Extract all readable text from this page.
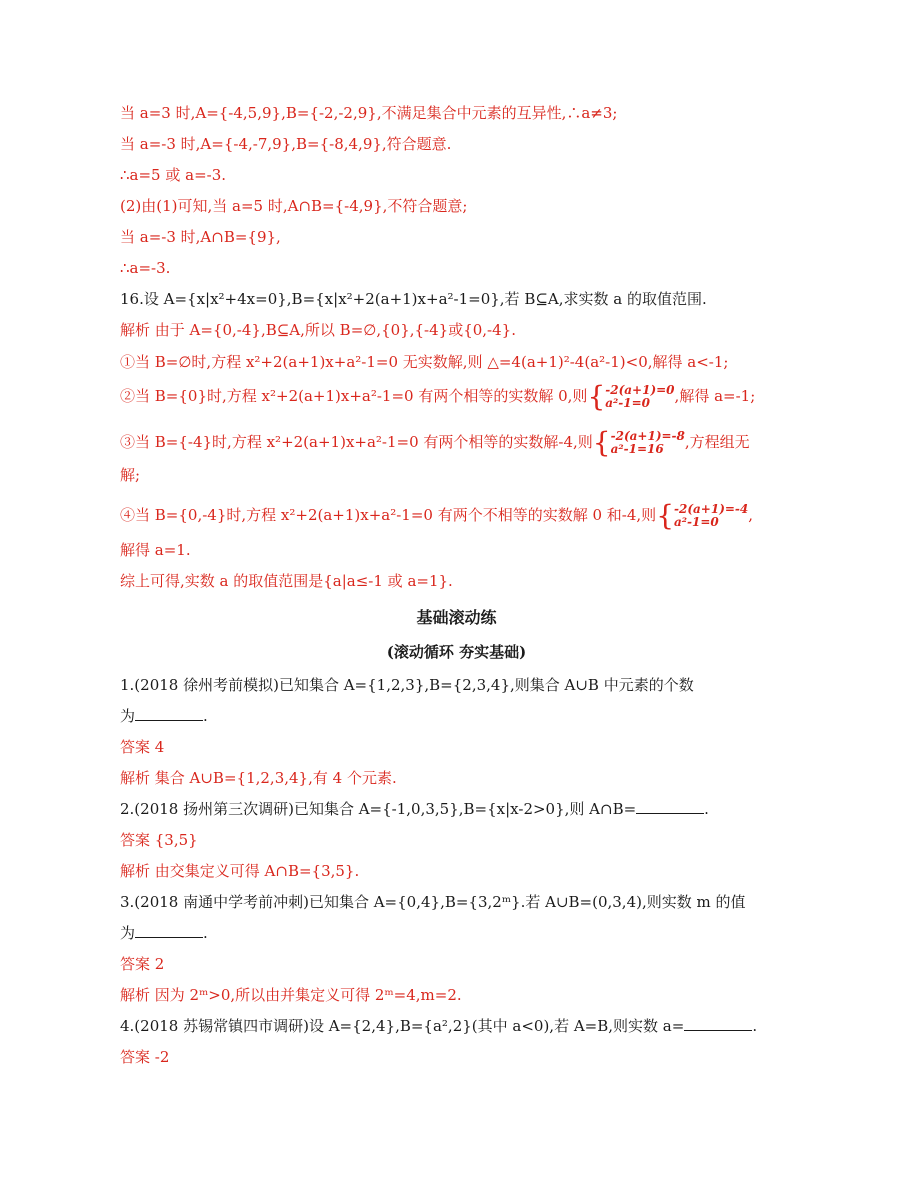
当 a=3 时,A={-4,5,9},B={-2,-2,9},不满足集合中元素的互异性,∴a≠3;
当 a=-3 时,A={-4,-7,9},B={-8,4,9},符合题意.
∴a=5 或 a=-3.
(2)由(1)可知,当 a=5 时,A∩B={-4,9},不符合题意;
当 a=-3 时,A∩B={9},
∴a=-3.
16.设 A={x|x²+4x=0},B={x|x²+2(a+1)x+a²-1=0},若 B⊆A,求实数 a 的取值范围.
解析 由于 A={0,-4},B⊆A,所以 B=∅,{0},{-4}或{0,-4}.
①当 B=∅时,方程 x²+2(a+1)x+a²-1=0 无实数解,则 △=4(a+1)²-4(a²-1)<0,解得 a<-1;
②当 B={0}时,方程 x²+2(a+1)x+a²-1=0 有两个相等的实数解 0,则{-2(a+1)=0
a²-1=0 ,解得 a=-1;
③当 B={-4}时,方程 x²+2(a+1)x+a²-1=0 有两个相等的实数解-4,则{-2(a+1)=-8
a²-1=16 ,方程组无
解;
④当 B={0,-4}时,方程 x²+2(a+1)x+a²-1=0 有两个不相等的实数解 0 和-4,则{-2(a+1)=-4
a²-1=0 ,
解得 a=1.
综上可得,实数 a 的取值范围是{a|a≤-1 或 a=1}.
基础滚动练
(滚动循环 夯实基础)
1.(2018 徐州考前模拟)已知集合 A={1,2,3},B={2,3,4},则集合 A∪B 中元素的个数
为	.
答案 4
解析 集合 A∪B={1,2,3,4},有 4 个元素.
2.(2018 扬州第三次调研)已知集合 A={-1,0,3,5},B={x|x-2>0},则 A∩B=	.
答案 {3,5}
解析 由交集定义可得 A∩B={3,5}.
3.(2018 南通中学考前冲刺)已知集合 A={0,4},B={3,2ᵐ}.若 A∪B=(0,3,4),则实数 m 的值
为	.
答案 2
解析 因为 2ᵐ>0,所以由并集定义可得 2ᵐ=4,m=2.
4.(2018 苏锡常镇四市调研)设 A={2,4},B={a²,2}(其中 a<0),若 A=B,则实数 a=	.
答案 -2
